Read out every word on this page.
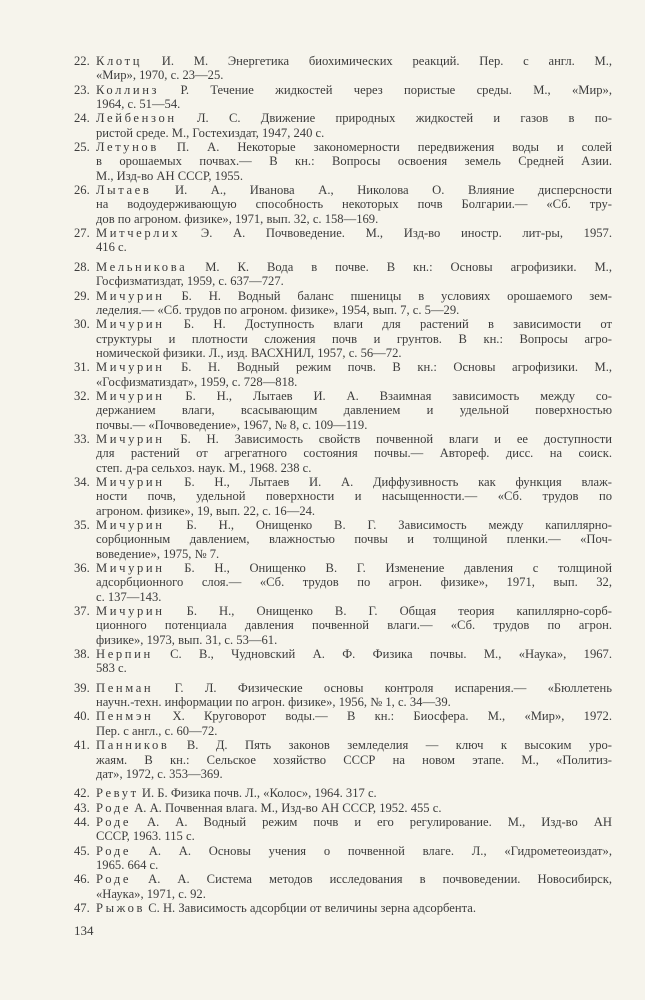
22. Клотц И. М. Энергетика биохимических реакций. Пер. с англ. М.,
«Мир», 1970, с. 23—25.
23. Коллинз Р. Течение жидкостей через пористые среды. М., «Мир»,
1964, с. 51—54.
24. Лейбензон Л. С. Движение природных жидкостей и газов в по-
ристой среде. М., Гостехиздат, 1947, 240 с.
25. Летунов П. А. Некоторые закономерности передвижения воды и солей
в орошаемых почвах.— В кн.: Вопросы освоения земель Средней Азии.
М., Изд-во АН СССР, 1955.
26. Лытаев И. А., Иванова А., Николова О. Влияние дисперсности
на водоудерживающую способность некоторых почв Болгарии.— «Сб. тру-
дов по агроном. физике», 1971, вып. 32, с. 158—169.
27. Митчерлих Э. А. Почвоведение. М., Изд-во иностр. лит-ры, 1957.
416 с.
28. Мельникова М. К. Вода в почве. В кн.: Основы агрофизики. М.,
Госфизматиздат, 1959, с. 637—727.
29. Мичурин Б. Н. Водный баланс пшеницы в условиях орошаемого зем-
леделия.— «Сб. трудов по агроном. физике», 1954, вып. 7, с. 5—29.
30. Мичурин Б. Н. Доступность влаги для растений в зависимости от
структуры и плотности сложения почв и грунтов. В кн.: Вопросы агро-
номической физики. Л., изд. ВАСХНИЛ, 1957, с. 56—72.
31. Мичурин Б. Н. Водный режим почв. В кн.: Основы агрофизики. М.,
«Госфизматиздат», 1959, с. 728—818.
32. Мичурин Б. Н., Лытаев И. А. Взаимная зависимость между со-
держанием влаги, всасывающим давлением и удельной поверхностью
почвы.— «Почвоведение», 1967, № 8, с. 109—119.
33. Мичурин Б. Н. Зависимость свойств почвенной влаги и ее доступности
для растений от агрегатного состояния почвы.— Автореф. дисс. на соиск.
степ. д-ра сельхоз. наук. М., 1968. 238 с.
34. Мичурин Б. Н., Лытаев И. А. Диффузивность как функция влаж-
ности почв, удельной поверхности и насыщенности.— «Сб. трудов по
агроном. физике», 19, вып. 22, с. 16—24.
35. Мичурин Б. Н., Онищенко В. Г. Зависимость между капиллярно-
сорбционным давлением, влажностью почвы и толщиной пленки.— «Поч-
воведение», 1975, № 7.
36. Мичурин Б. Н., Онищенко В. Г. Изменение давления с толщиной
адсорбционного слоя.— «Сб. трудов по агрон. физике», 1971, вып. 32,
с. 137—143.
37. Мичурин Б. Н., Онищенко В. Г. Общая теория капиллярно-сорб-
ционного потенциала давления почвенной влаги.— «Сб. трудов по агрон.
физике», 1973, вып. 31, с. 53—61.
38. Нерпин С. В., Чудновский А. Ф. Физика почвы. М., «Наука», 1967.
583 с.
39. Пенман Г. Л. Физические основы контроля испарения.— «Бюллетень
научн.-техн. информации по агрон. физике», 1956, № 1, с. 34—39.
40. Пенмэн Х. Круговорот воды.— В кн.: Биосфера. М., «Мир», 1972.
Пер. с англ., с. 60—72.
41. Панников В. Д. Пять законов земледелия — ключ к высоким уро-
жаям. В кн.: Сельское хозяйство СССР на новом этапе. М., «Политиз-
дат», 1972, с. 353—369.
42. Ревут И. Б. Физика почв. Л., «Колос», 1964. 317 с.
43. Роде А. А. Почвенная влага. М., Изд-во АН СССР, 1952. 455 с.
44. Роде А. А. Водный режим почв и его регулирование. М., Изд-во АН
СССР, 1963. 115 с.
45. Роде А. А. Основы учения о почвенной влаге. Л., «Гидрометеоиздат»,
1965. 664 с.
46. Роде А. А. Система методов исследования в почвоведении. Новосибирск,
«Наука», 1971, с. 92.
47. Рыжов С. Н. Зависимость адсорбции от величины зерна адсорбента.
134
